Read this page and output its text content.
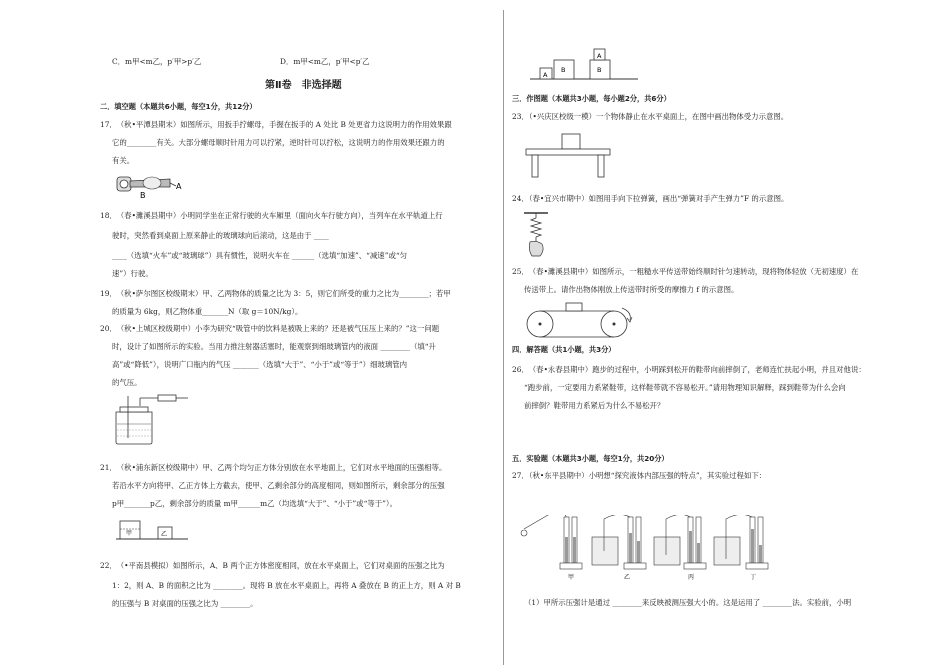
C．m甲<m乙，p′甲>p′乙	D．m甲<m乙，p′甲<p′乙
第Ⅱ卷　非选择题
二．填空题（本题共6小题，每空1分，共12分）
17．　（秋•平潭县期末）如图所示，用扳手拧螺母，手握在扳手的 A 处比 B 处更省力这说明力的作用效果跟
它的________有关。大部分螺母顺时针用力可以拧紧，逆时针可以拧松，这说明力的作用效果还跟力的
有关。
A
B
18．　（春•濉溪县期中）小明同学坐在正常行驶的火车厢里（面向火车行驶方向），当列车在水平轨道上行
驶时，突然看到桌面上原来静止的玻璃球向后滚动，这是由于 ____
____（选填“火车”或“玻璃球”）具有惯性，说明火车在 ______（选填“加速”、“减速”或“匀
速”）行驶。
19．　（秋•萨尔图区校级期末）甲、乙两物体的质量之比为 3：5，则它们所受的重力之比为________；若甲
的质量为 6kg，则乙物体重_______N（取 g＝10N/kg）。
20．　（秋•上城区校级期中）小李为研究“吸管中的饮料是被吸上来的？还是被气压压上来的？”这一问题
时，设计了如图所示的实验。当用力推注射器活塞时，能观察到细玻璃管内的液面 ________（填“升
高”或“降低”），说明广口瓶内的气压 _______（选填“大于”、“小于”或“等于”）细玻璃管内
的气压。
21．　（秋•浦东新区校级期中）甲、乙两个均匀正方体分别放在水平地面上，它们对水平地面的压强相等。
若沿水平方向将甲、乙正方体上方截去，使甲、乙剩余部分的高度相同，则如图所示，剩余部分的压强
p甲_______p乙，剩余部分的质量 m甲______m乙（均选填“大于”、“小于”或“等于”）。
甲	乙
22．　（•平南县模拟）如图所示，A、B 两个正方体密度相同，放在水平桌面上，它们对桌面的压强之比为
1：2，则 A、B 的面积之比为 ________。现将 B 放在水平桌面上，再将 A 叠放在 B 的正上方，则 A 对 B
的压强与 B 对桌面的压强之比为 ________。
A
B	B
A
三．作图题（本题共3小题，每小题2分，共6分）
23．（•兴庆区校级一模）一个物体静止在水平桌面上，在图中画出物体受力示意图。
24．（春•宜兴市期中）如图用手向下拉弹簧，画出“弹簧对手产生弹力”F 的示意图。
25．　（春•濉溪县期中）如图所示，一粗糙水平传送带始终顺时针匀速转动，现将物体轻放（无初速度）在
传送带上。请作出物体刚放上传送带时所受的摩擦力 f 的示意图。
四．解答题（共1小题，共3分）
26．　（春•永春县期中）跑步的过程中，小明踩到松开的鞋带向前摔倒了，老师连忙扶起小明，并且对他说：
“跑步前，一定要用力系紧鞋带，这样鞋带就不容易松开。”请用物理知识解释，踩到鞋带为什么会向
前摔倒？鞋带用力系紧后为什么不易松开？
五．实验题（本题共3小题，每空1分，共20分）
27．（秋•东平县期中）小明想“探究液体内部压强的特点”，其实验过程如下：
甲	乙	丙	丁
（1）甲所示压强计是通过 ________来反映被测压强大小的。这是运用了 ________法。实验前，小明
